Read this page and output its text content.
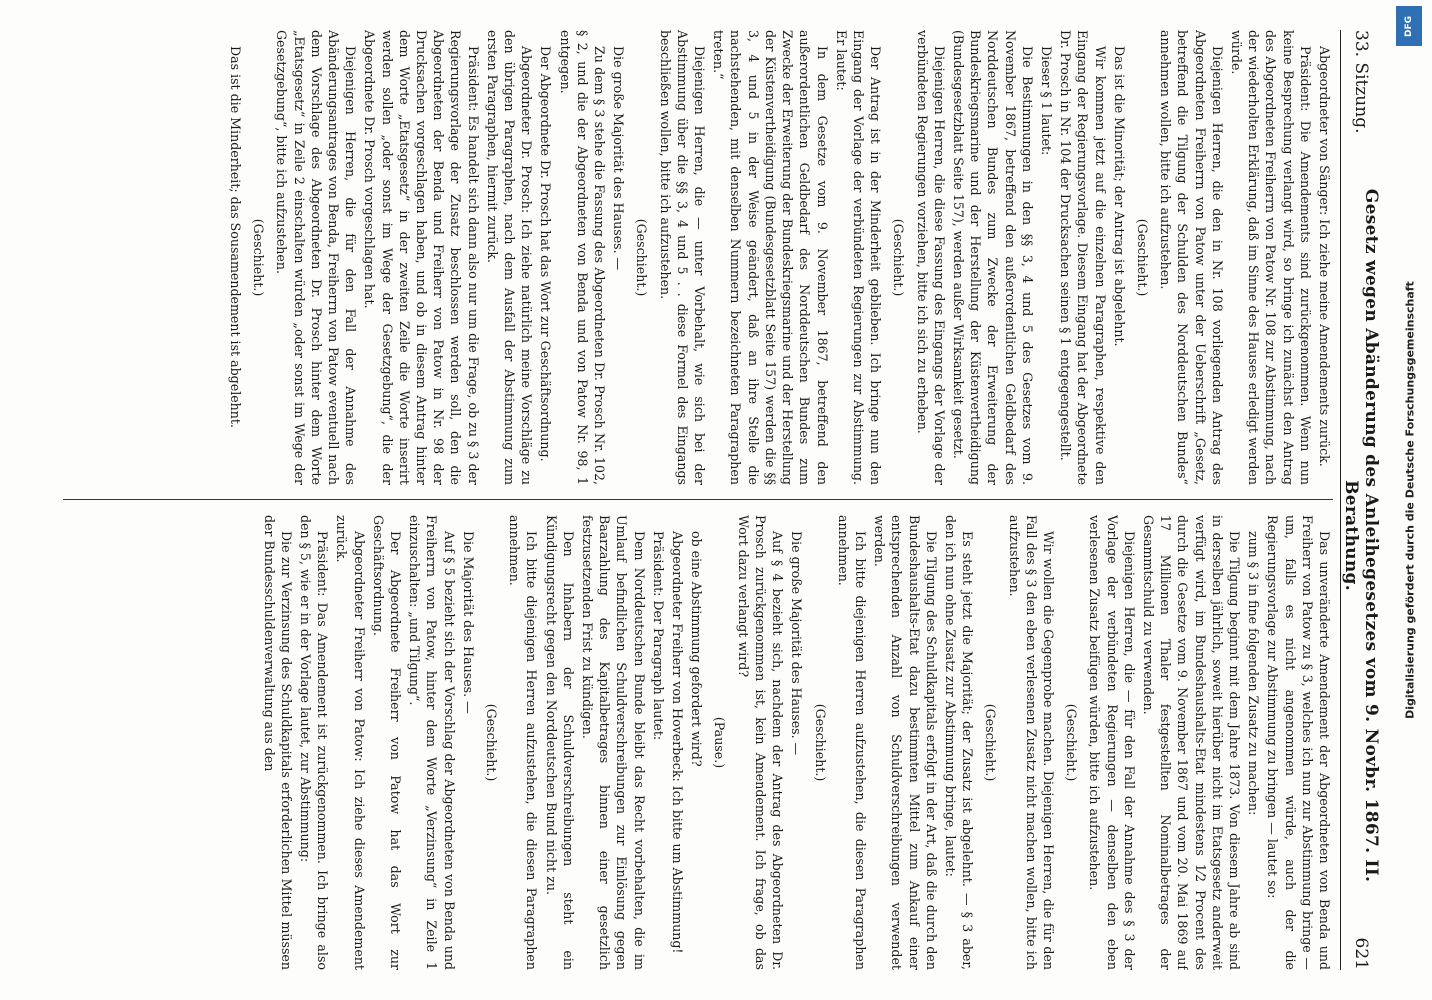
33. Sitzung.
Gesetz wegen Abänderung des Anleihegesetzes vom 9. Novbr. 1867. II. Berathung.
621

Abgeordneter von Sänger: Ich ziehe meine Amendements zurück.

Präsident: Die Amendements sind zurückgenommen. Wenn nun keine Besprechung verlangt wird, so bringe ich zunächst den Antrag des Abgeordneten Freiherrn von Patow Nr. 108 zur Abstimmung, nach der wiederholten Erklärung, daß im Sinne des Hauses erledigt werden würde.

Diejenigen Herren, die den in Nr. 108 vorliegenden Antrag des Abgeordneten Freiherrn von Patow unter der Ueberschrift „Gesetz, betreffend die Tilgung der Schulden des Norddeutschen Bundes“ annehmen wollen, bitte ich aufzustehen.

(Geschieht.)

Das ist die Minorität; der Antrag ist abgelehnt.

Wir kommen jetzt auf die einzelnen Paragraphen, respektive den Eingang der Regierungsvorlage. Diesem Eingang hat der Abgeordnete Dr. Prosch in Nr. 104 der Drucksachen seinen § 1 entgegengestellt.

Dieser § 1 lautet:

Die Bestimmungen in den §§ 3, 4 und 5 des Gesetzes vom 9. November 1867, betreffend den außerordentlichen Geldbedarf des Norddeutschen Bundes zum Zwecke der Erweiterung der Bundeskriegsmarine und der Herstellung der Küstenvertheidigung (Bundesgesetzblatt Seite 157), werden außer Wirksamkeit gesetzt.

Diejenigen Herren, die diese Fassung des Eingangs der Vorlage der verbündeten Regierungen vorziehen, bitte ich sich zu erheben.

(Geschieht.)

Der Antrag ist in der Minderheit geblieben. Ich bringe nun den Eingang der Vorlage der verbündeten Regierungen zur Abstimmung. Er lautet:

In dem Gesetze vom 9. November 1867, betreffend den außerordentlichen Geldbedarf des Norddeutschen Bundes zum Zwecke der Erweiterung der Bundeskriegsmarine und der Herstellung der Küstenvertheidigung (Bundesgesetzblatt Seite 157) werden die §§ 3, 4 und 5 in der Weise geändert, daß an ihre Stelle die nachstehenden, mit denselben Nummern bezeichneten Paragraphen treten.“

Diejenigen Herren, die — unter Vorbehalt, wie sich bei der Abstimmung über die §§ 3, 4 und 5 . . diese Formel des Eingangs beschließen wollen, bitte ich aufzustehen.

(Geschieht.)

Die große Majorität des Hauses. —

Zu dem § 3 stehe die Fassung des Abgeordneten Dr. Prosch Nr. 102, § 2, und die der Abgeordneten von Benda und von Patow Nr. 98, 1 entgegen.

Der Abgeordnete Dr. Prosch hat das Wort zur Geschäftsordnung.

Abgeordneter Dr. Prosch: Ich ziehe natürlich meine Vorschläge zu den übrigen Paragraphen, nach dem Ausfall der Abstimmung zum ersten Paragraphen, hiermit zurück.

Präsident: Es handelt sich dann also nur um die Frage, ob zu § 3 der Regierungsvorlage der Zusatz beschlossen werden soll, den die Abgeordneten der Benda und Freiherr von Patow in Nr. 98 der Drucksachen vorgeschlagen haben, und ob in diesem Antrag hinter dem Worte „Etatsgesetz“ in der zweiten Zeile die Worte inserirt werden sollen „oder sonst im Wege der Gesetzgebung“, die der Abgeordnete Dr. Prosch vorgeschlagen hat.

Diejenigen Herren, die für den Fall der Annahme des Abänderungsantrages von Benda, Freiherrn von Patow eventuell nach dem Vorschlage des Abgeordneten Dr. Prosch hinter dem Worte „Etatsgesetz“ in Zeile 2 einschalten würden „oder sonst im Wege der Gesetzgebung“, bitte ich aufzustehen.

(Geschieht.)

Das ist die Minderheit; das Sousamendement ist abgelehnt.

Das unveränderte Amendement der Abgeordneten von Benda und Freiherr von Patow zu § 3, welches ich nun zur Abstimmung bringe — um, falls es nicht angenommen würde, auch der die Regierungsvorlage zur Abstimmung zu bringen — lautet so:

zum § 3 in fine folgenden Zusatz zu machen:

Die Tilgung beginnt mit dem Jahre 1873. Von diesem Jahre ab sind in derselben jährlich, soweit hierüber nicht im Etatsgesetz anderweit verfügt wird, im Bundeshaushalts-Etat mindestens 1⁄2 Procent des durch die Gesetze vom 9. November 1867 und vom 20. Mai 1869 auf 17 Millionen Thaler festgestellten Nominalbetrages der Gesammtschuld zu verwenden.

Diejenigen Herren, die — für den Fall der Annahme des § 3 der Vorlage der verbündeten Regierungen — denselben den eben verlesenen Zusatz beifügen würden, bitte ich aufzustehen.

(Geschieht.)

Wir wollen die Gegenprobe machen. Diejenigen Herren, die für den Fall des § 3 den eben verlesenen Zusatz nicht machen wollen, bitte ich aufzustehen.

(Geschieht.)

Es steht jetzt die Majorität; der Zusatz ist abgelehnt. — § 3 aber, den ich nun ohne Zusatz zur Abstimmung bringe, lautet:

Die Tilgung des Schuldkapitals erfolgt in der Art, daß die durch den Bundeshaushalts-Etat dazu bestimmten Mittel zum Ankauf einer entsprechenden Anzahl von Schuldverschreibungen verwendet werden.

Ich bitte diejenigen Herren aufzustehen, die diesen Paragraphen annehmen.

(Geschieht.)

Die große Majorität des Hauses. —

Auf § 4 bezieht sich, nachdem der Antrag des Abgeordneten Dr. Prosch zurückgenommen ist, kein Amendement. Ich frage, ob das Wort dazu verlangt wird?

(Pause.)

ob eine Abstimmung gefordert wird?

Abgeordneter Freiherr von Hoverbeck: Ich bitte um Abstimmung!

Präsident: Der Paragraph lautet:

Dem Norddeutschen Bunde bleibt das Recht vorbehalten, die im Umlauf befindlichen Schuldverschreibungen zur Einlösung gegen Baarzahlung des Kapitalbetrages binnen einer gesetzlich festzusetzenden Frist zu kündigen.

Den Inhabern der Schuldverschreibungen steht ein Kündigungsrecht gegen den Norddeutschen Bund nicht zu.

Ich bitte diejenigen Herren aufzustehen, die diesen Paragraphen annehmen.

(Geschieht.)

Die Majorität des Hauses. —

Auf § 5 bezieht sich der Vorschlag der Abgeordneten von Benda und Freiherrn von Patow, hinter dem Worte „Verzinsung“ in Zeile 1 einzuschalten: „und Tilgung“.

Der Abgeordnete Freiherr von Patow hat das Wort zur Geschäftsordnung.

Abgeordneter Freiherr von Patow: Ich ziehe dieses Amendement zurück.

Präsident: Das Amendement ist zurückgenommen. Ich bringe also den § 5, wie er in der Vorlage lautet, zur Abstimmung:

Die zur Verzinsung des Schuldkapitals erforderlichen Mittel müssen der Bundesschuldenverwaltung aus den

DFG
Digitalisierung gefördert durch die Deutsche Forschungsgemeinschaft
